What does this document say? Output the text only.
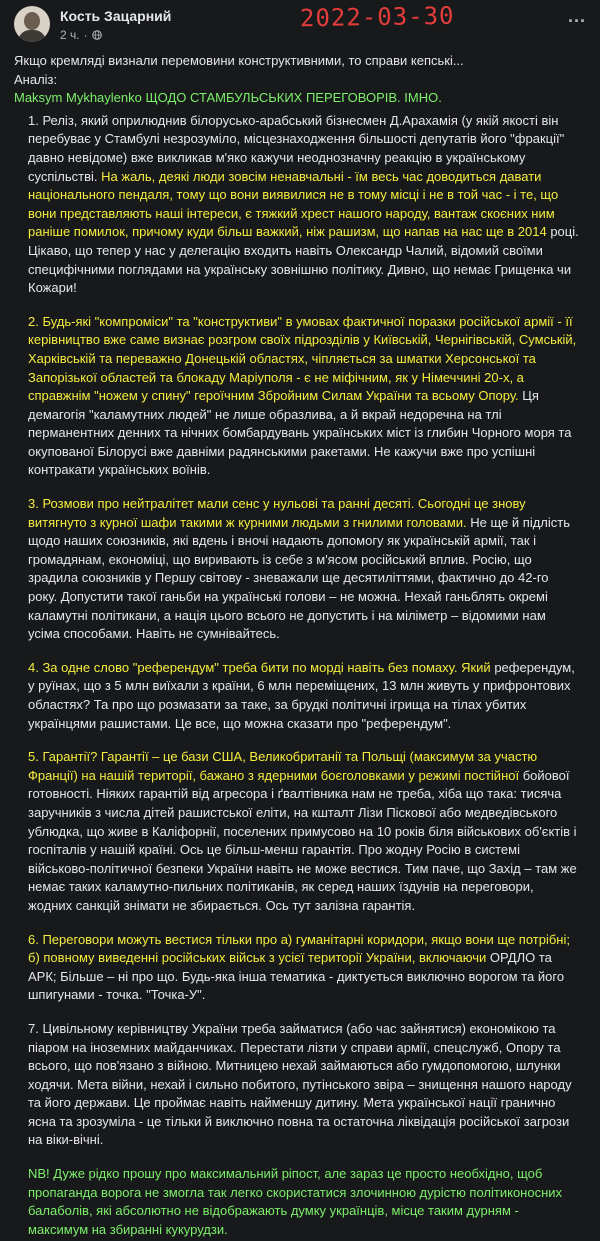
Кость Зацарний
2 ч. ·
2022-03-30	...

Якщо кремляді визнали перемовини конструктивними, то справи кепські...

Аналіз:

Maksym Mykhaylenko ЩОДО СТАМБУЛЬСЬКИХ ПЕРЕГОВОРІВ. ІМНО.

1. Реліз, який оприлюднив білорусько-арабський бізнесмен Д.Арахамія (у якій якості він перебуває у Стамбулі незрозуміло, місцезнаходження більшості депутатів його "фракції" давно невідоме) вже викликав м'яко кажучи неоднозначну реакцію в українському суспільстві. На жаль, деякі люди зовсім ненавчальні - їм весь час доводиться давати національного пендаля, тому що вони виявилися не в тому місці і не в той час - і те, що вони представляють наші інтереси, є тяжкий хрест нашого народу, вантаж скоєних ним раніше помилок, причому куди більш важкий, ніж рашизм, що напав на нас ще в 2014 році. Цікаво, що тепер у нас у делегацію входить навіть Олександр Чалий, відомий своїми специфічними поглядами на українську зовнішню політику. Дивно, що немає Грищенка чи Кожари!
2. Будь-які "компроміси" та "конструктиви" в умовах фактичної поразки російської армії - її керівництво вже саме визнає розгром своїх підрозділів у Київській, Чернігівській, Сумській, Харківській та переважно Донецькій областях, чіпляється за шматки Херсонської та Запорізької областей та блокаду Маріуполя - є не міфічним, як у Німеччині 20-х, а справжнім "ножем у спину" героїчним Збройним Силам України та всьому Опору. Ця демагогія "каламутних людей" не лише образлива, а й вкрай недоречна на тлі перманентних денних та нічних бомбардувань українських міст із глибин Чорного моря та окупованої Білорусі вже давніми радянськими ракетами. Не кажучи вже про успішні контракати українських воїнів.
3. Розмови про нейтралітет мали сенс у нульові та ранні десяті. Сьогодні це знову витягнуто з курної шафи такими ж курними людьми з гнилими головами. Не ще й підлість щодо наших союзників, які вдень і вночі надають допомогу як українській армії, так і громадянам, економіці, що виривають із себе з м'ясом російський вплив. Росію, що зрадила союзників у Першу світову - зневажали ще десятиліттями, фактично до 42-го року. Допустити такої ганьби на українські голови – не можна. Нехай ганьблять окремі каламутні політикани, а нація цього всього не допустить і на міліметр – відомими нам усіма способами. Навіть не сумнівайтесь.
4. За одне слово "референдум" треба бити по морді навіть без помаху. Який референдум, у руїнах, що з 5 млн виїхали з країни, 6 млн переміщених, 13 млн живуть у прифронтових областях? Та про що розмазати за таке, за брудкі політичні ігрища на тілах убитих українцями рашистами. Це все, що можна сказати про "референдум".
5. Гарантії? Гарантії – це бази США, Великобританії та Польщі (максимум за участю Франції) на нашій території, бажано з ядерними боєголовками у режимі постійної бойової готовності. Ніяких гарантій від агресора і ґвалтівника нам не треба, хіба що така: тисяча заручників з числа дітей рашистської еліти, на кшталт Лізи Піскової або медведівського ублюдка, що живе в Каліфорнії, поселених примусово на 10 років біля військових об'єктів і госпіталів у нашій країні. Ось це більш-менш гарантія. Про жодну Росію в системі військово-політичної безпеки України навіть не може вестися. Тим паче, що Захід – там же немає таких каламутно-пильних політиканів, як серед наших їздунів на переговори, жодних санкцій знімати не збирається. Ось тут залізна гарантія.
6. Переговори можуть вестися тільки про а) гуманітарні коридори, якщо вони ще потрібні; б) повному виведенні російських військ з усієї території України, включаючи ОРДЛО та АРК; Більше – ні про що. Будь-яка інша тематика - диктується виключно ворогом та його шпигунами - точка. "Точка-У".
7. Цивільному керівництву України треба займатися (або час зайнятися) економікою та піаром на іноземних майданчиках. Перестати лізти у справи армії, спецслужб, Опору та всього, що пов'язано з війною. Митницею нехай займаються або гумдопомогою, шлунки ходячи. Мета війни, нехай і сильно побитого, путінського звіра – знищення нашого народу та його держави. Це проймає навіть найменшу дитину. Мета української нації гранично ясна та зрозуміла - це тільки й виключно повна та остаточна ліквідація російської загрози на віки-вічні.
NB! Дуже рідко прошу про максимальний ріпост, але зараз це просто необхідно, щоб пропаганда ворога не змогла так легко скористатися злочинною дурістю політиконосних балаболів, які абсолютно не відображають думку українців, місце таким дурням - максимум на збиранні кукурудзи.
